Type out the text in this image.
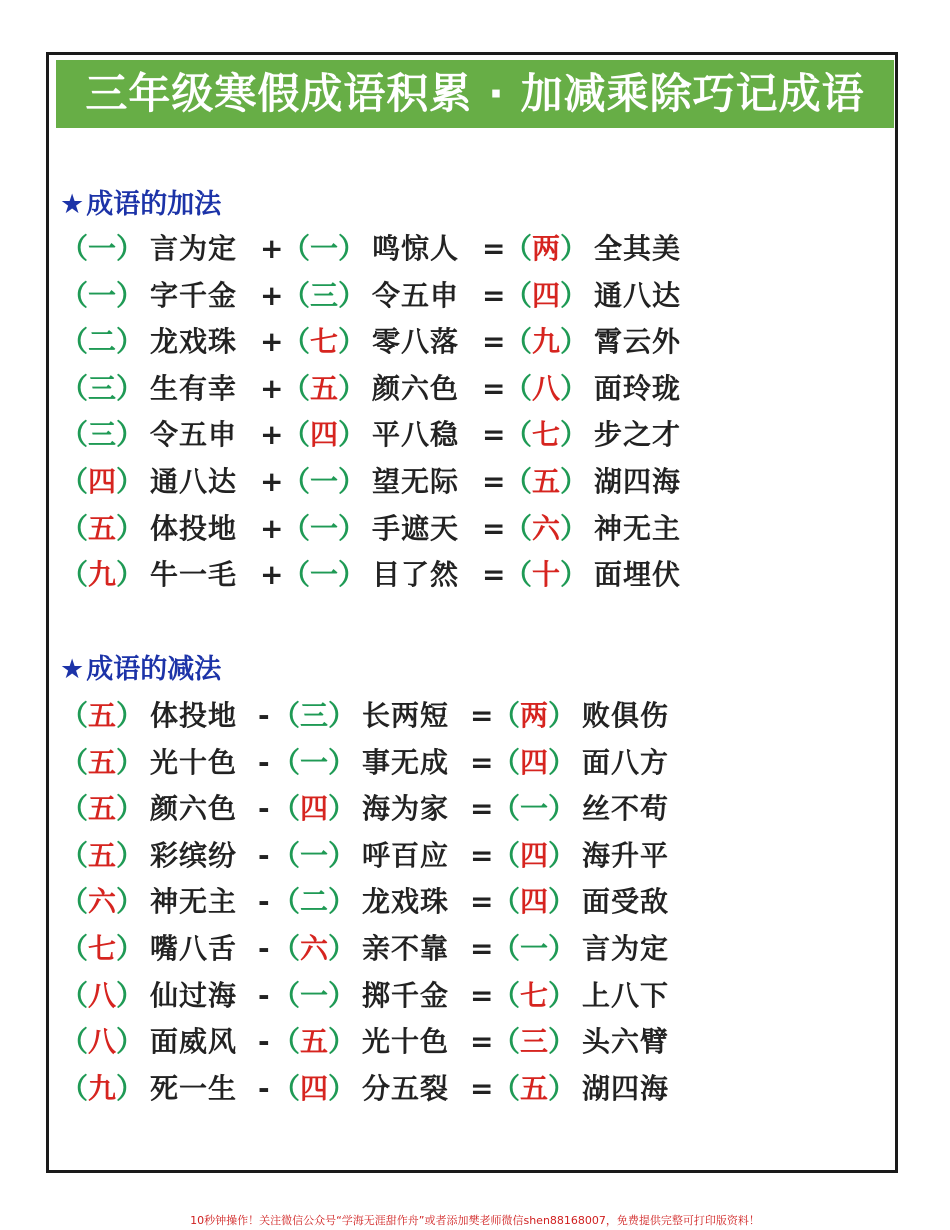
三年级寒假成语积累 · 加减乘除巧记成语
★成语的加法
（一） 言为定 +
（一） 鸣惊人 =
（两） 全其美
（一） 字千金 +
（三） 令五申 =
（四） 通八达
（二） 龙戏珠 +
（七） 零八落 =
（九） 霄云外
（三） 生有幸 +
（五） 颜六色 =
（八） 面玲珑
（三） 令五申 +
（四） 平八稳 =
（七） 步之才
（四） 通八达 +
（一） 望无际 =
（五） 湖四海
（五） 体投地 +
（一） 手遮天 =
（六） 神无主
（九） 牛一毛 +
（一） 目了然 =
（十） 面埋伏
★成语的减法
（五） 体投地 - （三） 长两短 =
（两） 败俱伤
（五） 光十色 - （一） 事无成 =
（四） 面八方
（五） 颜六色 - （四） 海为家 =
（一） 丝不苟
（五） 彩缤纷 - （一） 呼百应 =
（四） 海升平
（六） 神无主 - （二） 龙戏珠 =
（四） 面受敌
（七） 嘴八舌 - （六） 亲不靠 =
（一） 言为定
（八） 仙过海 - （一） 掷千金 =
（七） 上八下
（八） 面威风 - （五） 光十色 =
（三） 头六臂
（九） 死一生 - （四） 分五裂 =
（五） 湖四海
10秒钟操作！关注微信公众号“学海无涯甜作舟”或者添加樊老师微信shen88168007，免费提供完整可打印版资料！
